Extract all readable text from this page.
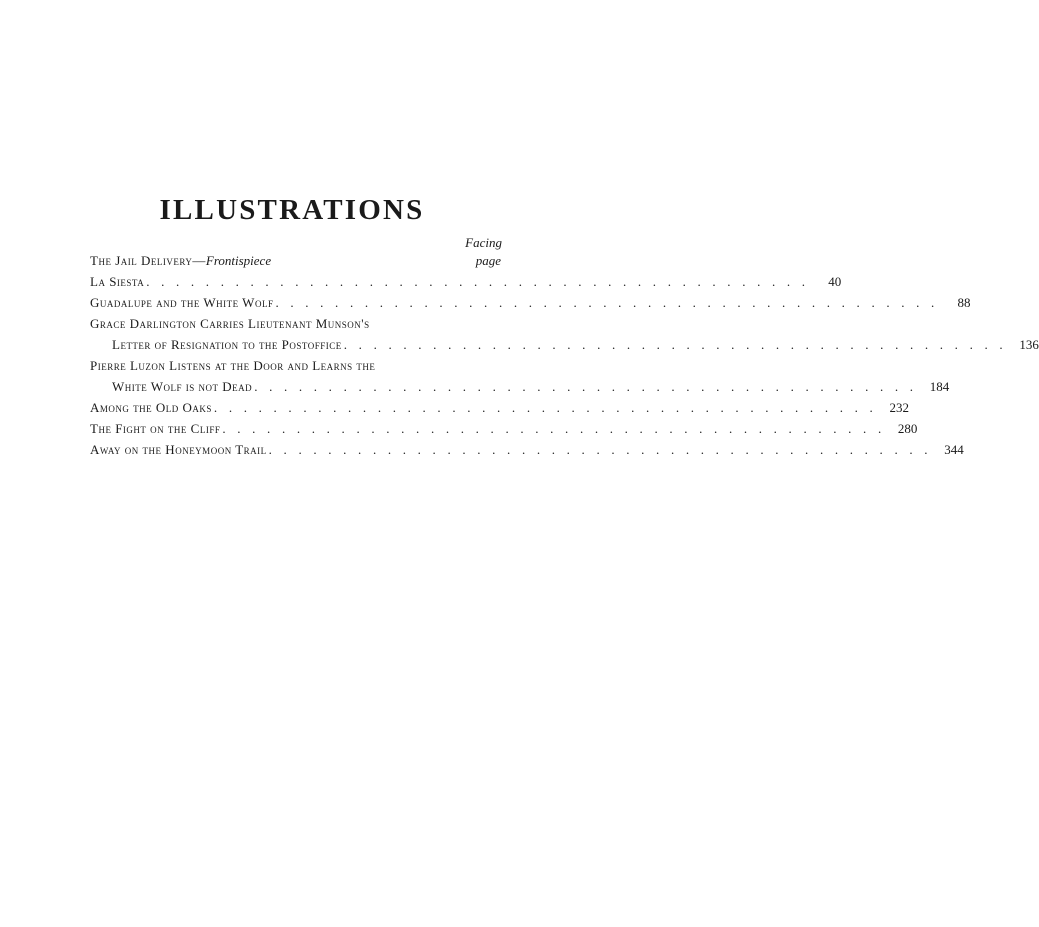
ILLUSTRATIONS
Facing
page
The Jail Delivery—Frontispiece
La Siesta . . . . . . . . . . . . . . . . . . . . . . . . . . . . . . . . . . . . . . . . . . . . .	40
Guadalupe and the White Wolf . . . . . . . . . . . . . . . . . . . . . . . . . . . . . . . . . . . . . . . . . . . . .	88
Grace Darlington Carries Lieutenant Munson's
Letter of Resignation to the Postoffice . . . . . . . . . . . . . . . . . . . . . . . . . . . . . . . . . . . . . . . . . . . . . 136
Pierre Luzon Listens at the Door and Learns the
White Wolf is not Dead . . . . . . . . . . . . . . . . . . . . . . . . . . . . . . . . . . . . . . . . . . . . . 184
Among the Old Oaks . . . . . . . . . . . . . . . . . . . . . . . . . . . . . . . . . . . . . . . . . . . . . 232
The Fight on the Cliff . . . . . . . . . . . . . . . . . . . . . . . . . . . . . . . . . . . . . . . . . . . . . 280
Away on the Honeymoon Trail . . . . . . . . . . . . . . . . . . . . . . . . . . . . . . . . . . . . . . . . . . . . . 344
